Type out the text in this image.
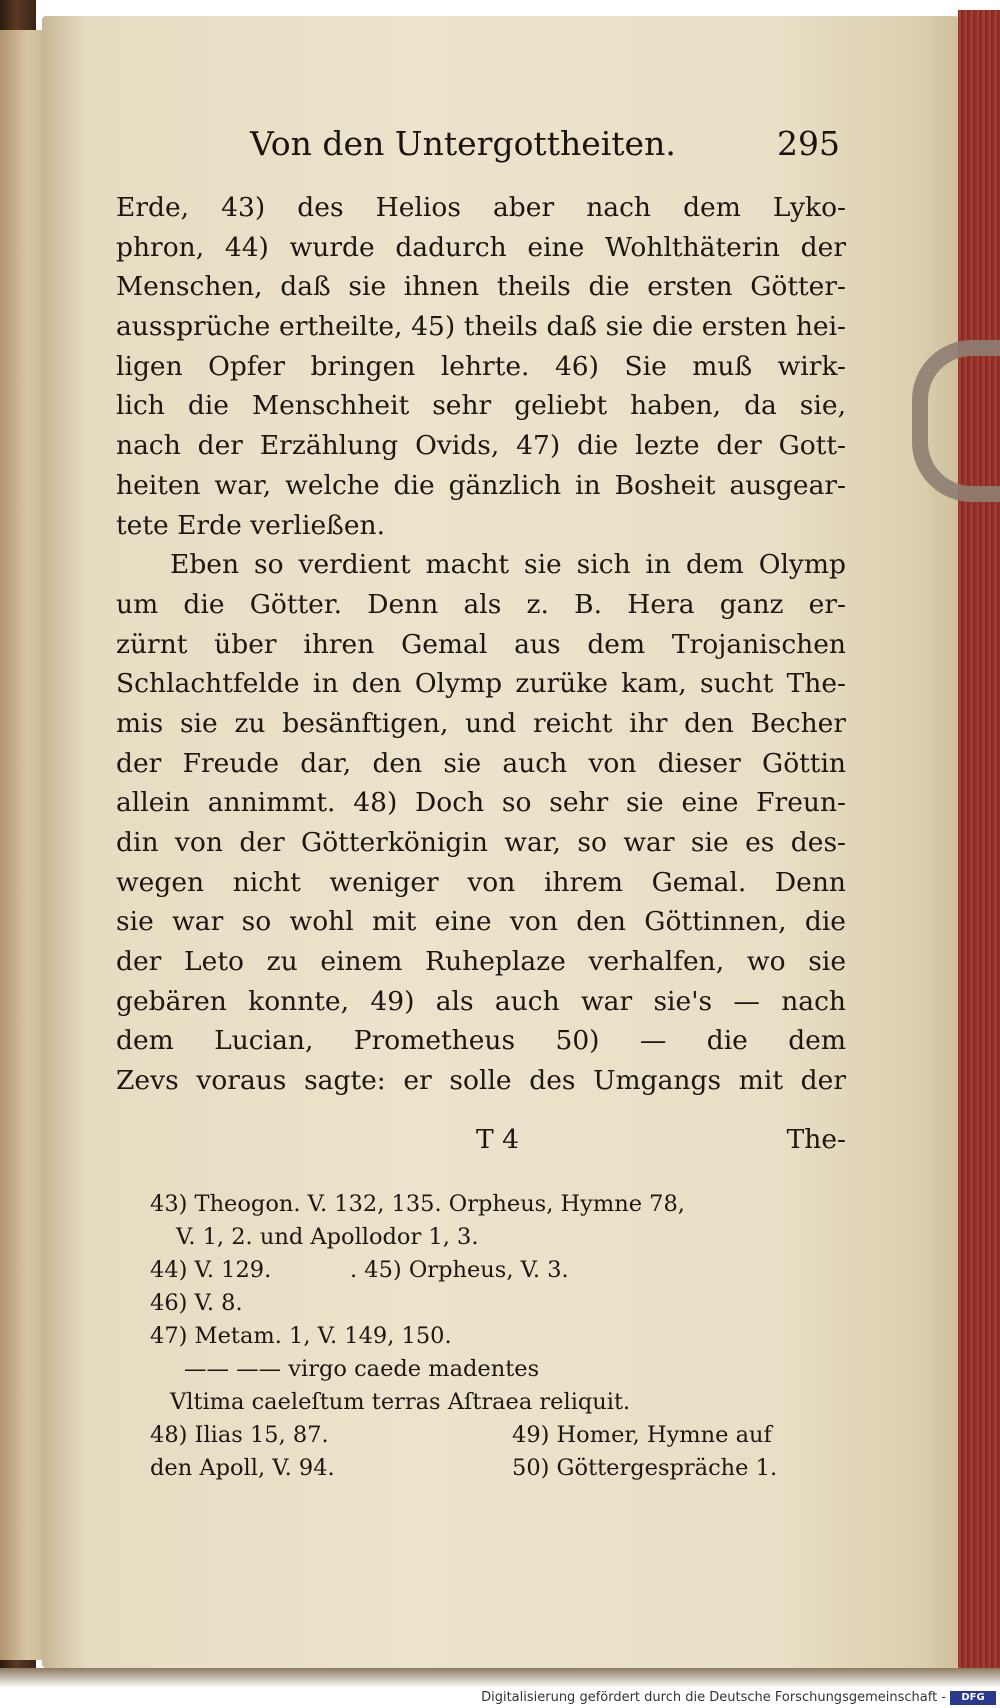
Von den Untergottheiten.	295
Erde, 43) des Helios aber nach dem Lyko-
phron, 44) wurde dadurch eine Wohlthäterin der
Menschen, daß sie ihnen theils die ersten Götter-
aussprüche ertheilte, 45) theils daß sie die ersten hei-
ligen Opfer bringen lehrte. 46) Sie muß wirk-
lich die Menschheit sehr geliebt haben, da sie,
nach der Erzählung Ovids, 47) die lezte der Gott-
heiten war, welche die gänzlich in Bosheit ausgear-
tete Erde verließen.
Eben so verdient macht sie sich in dem Olymp
um die Götter. Denn als z. B. Hera ganz er-
zürnt über ihren Gemal aus dem Trojanischen
Schlachtfelde in den Olymp zurüke kam, sucht The-
mis sie zu besänftigen, und reicht ihr den Becher
der Freude dar, den sie auch von dieser Göttin
allein annimmt. 48) Doch so sehr sie eine Freun-
din von der Götterkönigin war, so war sie es des-
wegen nicht weniger von ihrem Gemal. Denn
sie war so wohl mit eine von den Göttinnen, die
der Leto zu einem Ruheplaze verhalfen, wo sie
gebären konnte, 49) als auch war sie's — nach
dem Lucian, Prometheus 50) — die dem
Zevs voraus sagte: er solle des Umgangs mit der
T 4	The-
43) Theogon. V. 132, 135. Orpheus, Hymne 78,
V. 1, 2. und Apollodor 1, 3.
44) V. 129.	. 45) Orpheus, V. 3.
46) V. 8.
47) Metam. 1, V. 149, 150.
—— —— virgo caede madentes
Vltima caeleſtum terras Aſtraea reliquit.
48) Ilias 15, 87.	49) Homer, Hymne auf
den Apoll, V. 94.	50) Göttergespräche 1.
Digitalisierung gefördert durch die Deutsche Forschungsgemeinschaft -	DFG
